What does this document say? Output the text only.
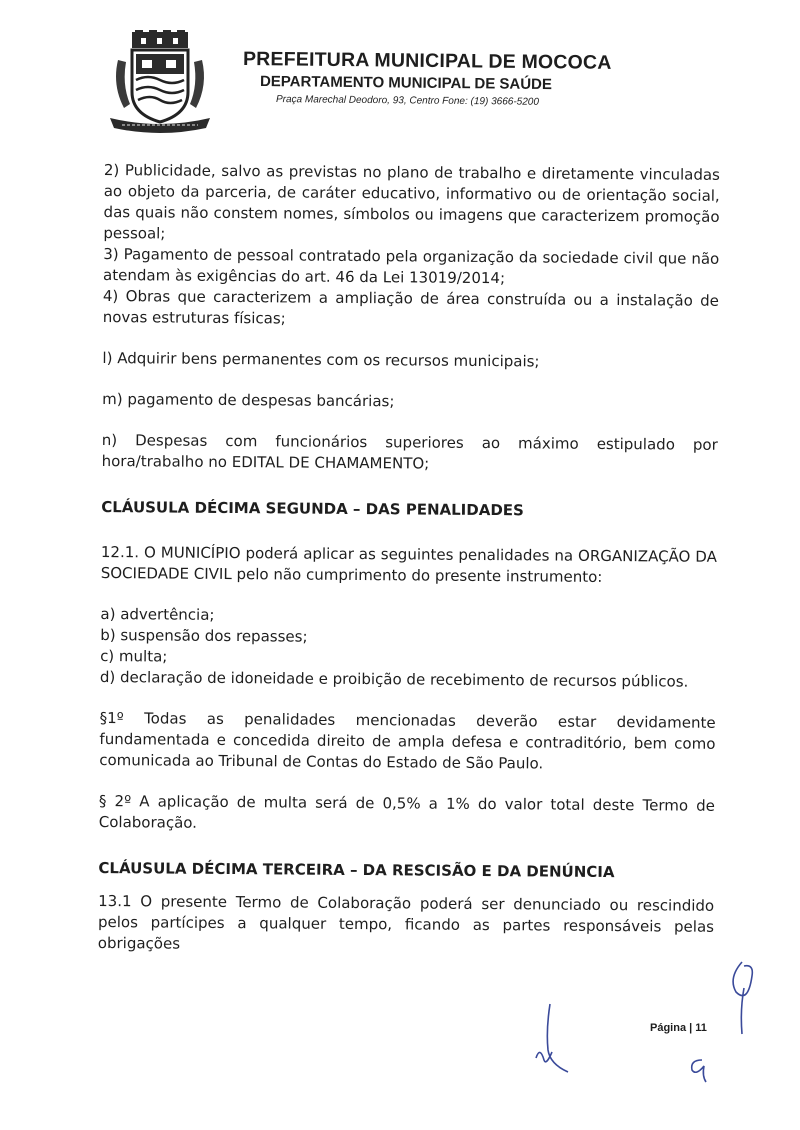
PREFEITURA MUNICIPAL DE MOCOCA

DEPARTAMENTO MUNICIPAL DE SAÚDE

Praça Marechal Deodoro, 93, Centro Fone: (19) 3666-5200

2) Publicidade, salvo as previstas no plano de trabalho e diretamente vinculadas ao objeto da parceria, de caráter educativo, informativo ou de orientação social, das quais não constem nomes, símbolos ou imagens que caracterizem promoção pessoal;

3) Pagamento de pessoal contratado pela organização da sociedade civil que não atendam às exigências do art. 46 da Lei 13019/2014;

4) Obras que caracterizem a ampliação de área construída ou a instalação de novas estruturas físicas;

l) Adquirir bens permanentes com os recursos municipais;

m) pagamento de despesas bancárias;

n) Despesas com funcionários superiores ao máximo estipulado por hora/trabalho no EDITAL DE CHAMAMENTO;

CLÁUSULA DÉCIMA SEGUNDA – DAS PENALIDADES

12.1. O MUNICÍPIO poderá aplicar as seguintes penalidades na ORGANIZAÇÃO DA SOCIEDADE CIVIL pelo não cumprimento do presente instrumento:

a) advertência;

b) suspensão dos repasses;

c) multa;

d) declaração de idoneidade e proibição de recebimento de recursos públicos.

§1º Todas as penalidades mencionadas deverão estar devidamente fundamentada e concedida direito de ampla defesa e contraditório, bem como comunicada ao Tribunal de Contas do Estado de São Paulo.

§ 2º A aplicação de multa será de 0,5% a 1% do valor total deste Termo de Colaboração.

CLÁUSULA DÉCIMA TERCEIRA – DA RESCISÃO E DA DENÚNCIA

13.1 O presente Termo de Colaboração poderá ser denunciado ou rescindido pelos partícipes a qualquer tempo, ficando as partes responsáveis pelas obrigações

Página | 11
